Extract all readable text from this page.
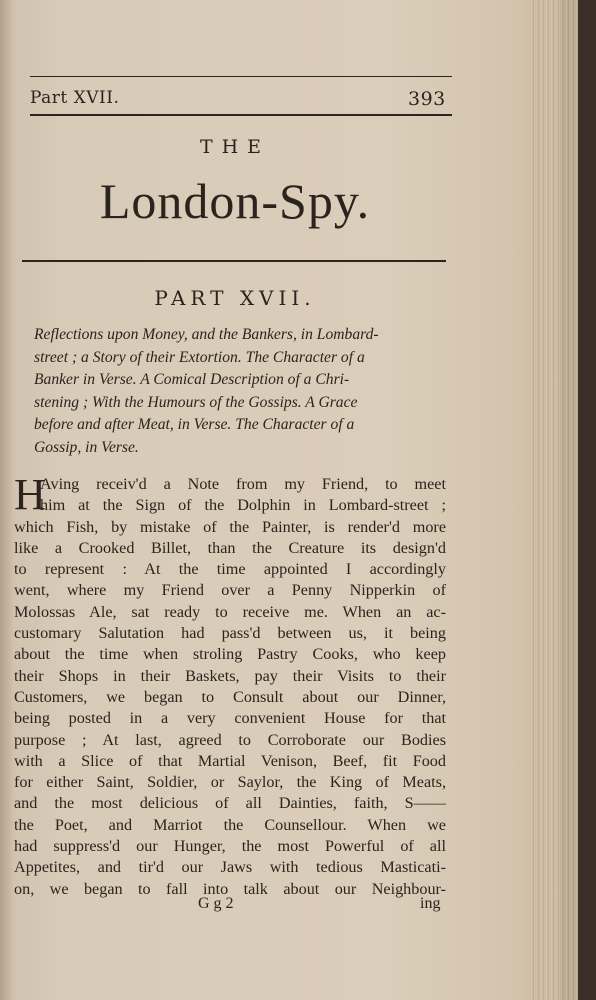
Part XVII.	393
THE
London-Spy.
PART XVII.
Reflections upon Money, and the Bankers, in Lombard-
street ; a Story of their Extortion. The Character of a
Banker in Verse. A Comical Description of a Chri-
stening ; With the Humours of the Gossips. A Grace
before and after Meat, in Verse. The Character of a
Gossip, in Verse.
H
Aving receiv'd a Note from my Friend, to meet
him at the Sign of the Dolphin in Lombard-street ;
which Fish, by mistake of the Painter, is render'd more
like a Crooked Billet, than the Creature its design'd
to represent : At the time appointed I accordingly
went, where my Friend over a Penny Nipperkin of
Molossas Ale, sat ready to receive me. When an ac-
customary Salutation had pass'd between us, it being
about the time when stroling Pastry Cooks, who keep
their Shops in their Baskets, pay their Visits to their
Customers, we began to Consult about our Dinner,
being posted in a very convenient House for that
purpose ; At last, agreed to Corroborate our Bodies
with a Slice of that Martial Venison, Beef, fit Food
for either Saint, Soldier, or Saylor, the King of Meats,
and the most delicious of all Dainties, faith, S——
the Poet, and Marriot the Counsellour. When we
had suppress'd our Hunger, the most Powerful of all
Appetites, and tir'd our Jaws with tedious Masticati-
on, we began to fall into talk about our Neighbour-
G g 2	ing
